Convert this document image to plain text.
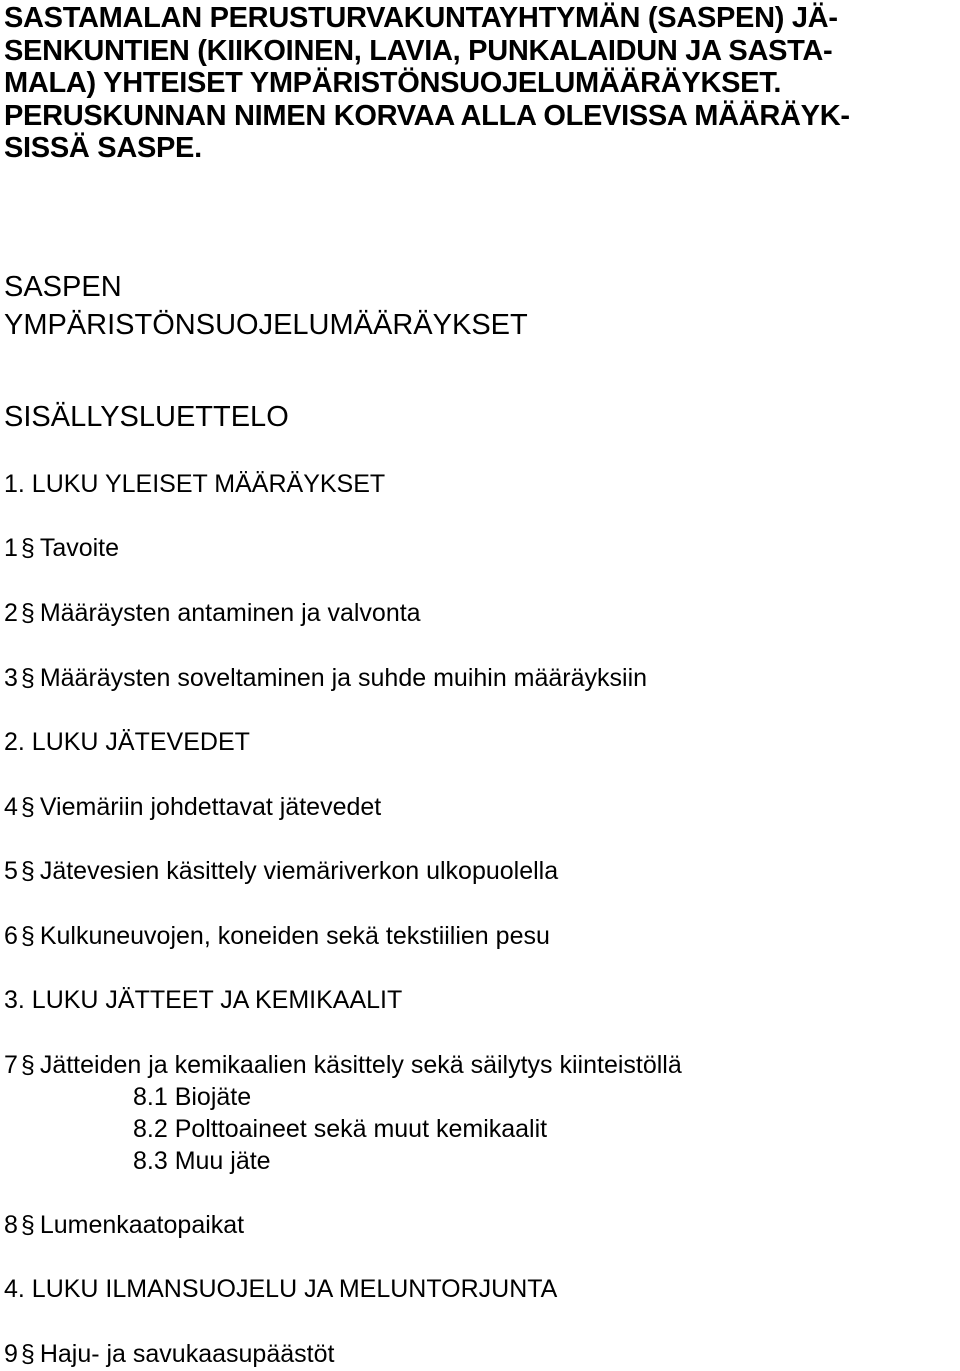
SASTAMALAN PERUSTURVAKUNTAYHTYMÄN (SASPEN) JÄ-
SENKUNTIEN (KIIKOINEN, LAVIA, PUNKALAIDUN JA SASTA-
MALA) YHTEISET YMPÄRISTÖNSUOJELUMÄÄRÄYKSET.
PERUSKUNNAN NIMEN KORVAA ALLA OLEVISSA MÄÄRÄYK-
SISSÄ SASPE.
SASPEN
YMPÄRISTÖNSUOJELUMÄÄRÄYKSET
SISÄLLYSLUETTELO
1. LUKU YLEISET MÄÄRÄYKSET
1 § Tavoite
2 § Määräysten antaminen ja valvonta
3 § Määräysten soveltaminen ja suhde muihin määräyksiin
2. LUKU JÄTEVEDET
4 § Viemäriin johdettavat jätevedet
5 § Jätevesien käsittely viemäriverkon ulkopuolella
6 § Kulkuneuvojen, koneiden sekä tekstiilien pesu
3. LUKU JÄTTEET JA KEMIKAALIT
7 § Jätteiden ja kemikaalien käsittely sekä säilytys kiinteistöllä
8.1 Biojäte
8.2 Polttoaineet sekä muut kemikaalit
8.3 Muu jäte
8 § Lumenkaatopaikat
4. LUKU ILMANSUOJELU JA MELUNTORJUNTA
9 § Haju- ja savukaasupäästöt
